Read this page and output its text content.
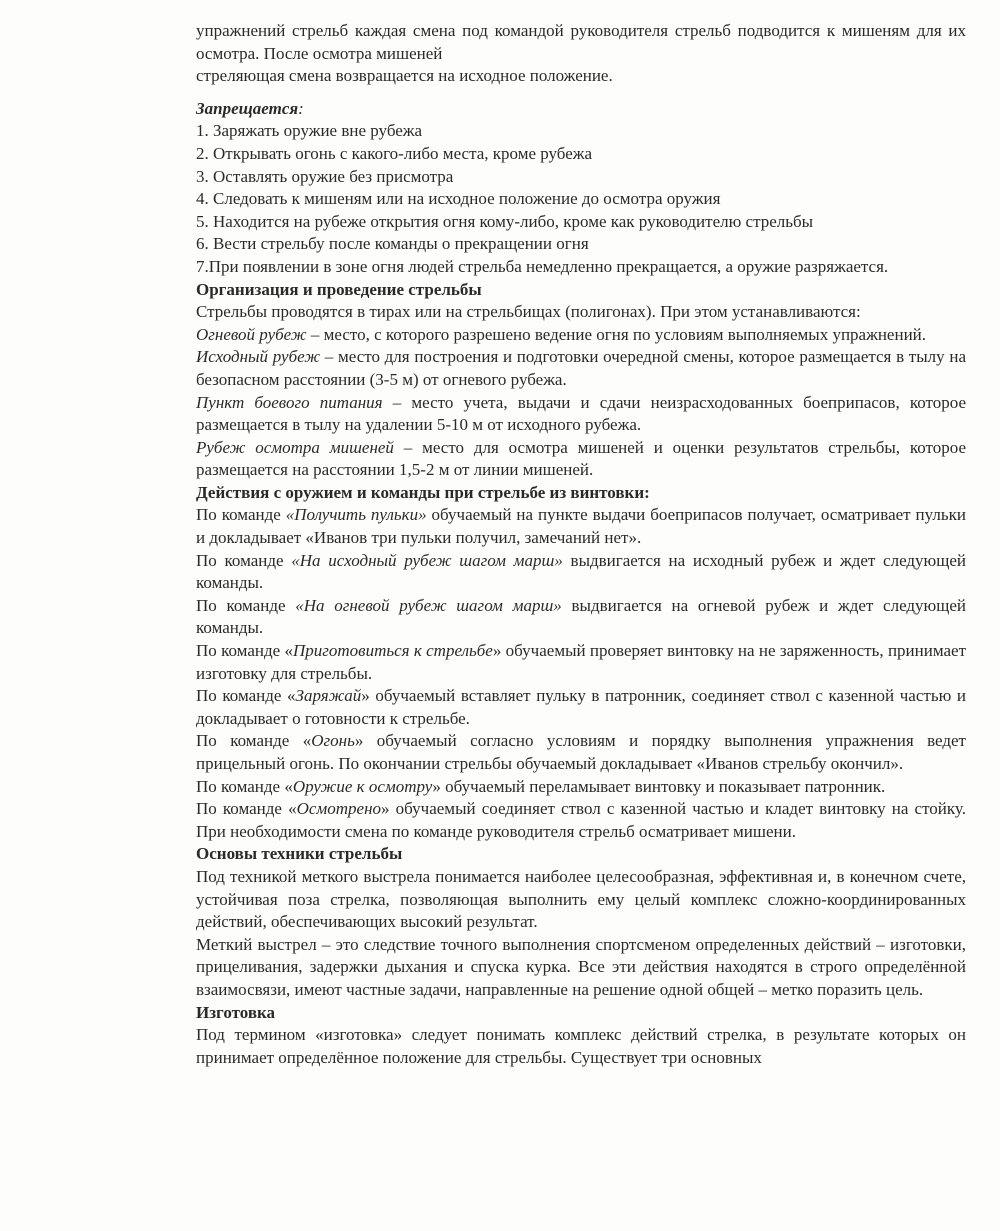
упражнений стрельб каждая смена под командой руководителя стрельб подводится к мишеням для их осмотра. После осмотра мишеней
стреляющая смена возвращается на исходное положение.

Запрещается:

1. Заряжать оружие вне рубежа

2. Открывать огонь с какого-либо места, кроме рубежа

3. Оставлять оружие без присмотра

4. Следовать к мишеням или на исходное положение до осмотра оружия

5. Находится на рубеже открытия огня кому-либо, кроме как руководителю стрельбы

6. Вести стрельбу после команды о прекращении огня

7.При появлении в зоне огня людей стрельба немедленно прекращается, а оружие разряжается.

Организация и проведение стрельбы

Стрельбы проводятся в тирах или на стрельбищах (полигонах). При этом устанавливаются:

Огневой рубеж – место, с которого разрешено ведение огня по условиям выполняемых упражнений.

Исходный рубеж – место для построения и подготовки очередной смены, которое размещается в тылу на безопасном расстоянии (3-5 м) от огневого рубежа.

Пункт боевого питания – место учета, выдачи и сдачи неизрасходованных боеприпасов, которое размещается в тылу на удалении 5-10 м от исходного рубежа.

Рубеж осмотра мишеней – место для осмотра мишеней и оценки результатов стрельбы, которое размещается на расстоянии 1,5-2 м от линии мишеней.

Действия с оружием и команды при стрельбе из винтовки:

По команде «Получить пульки» обучаемый на пункте выдачи боеприпасов получает, осматривает пульки и докладывает «Иванов три пульки получил, замечаний нет».

По команде «На исходный рубеж шагом марш» выдвигается на исходный рубеж и ждет следующей команды.

По команде «На огневой рубеж шагом марш» выдвигается на огневой рубеж и ждет следующей команды.

По команде «Приготовиться к стрельбе» обучаемый проверяет винтовку на не заряженность, принимает изготовку для стрельбы.

По команде «Заряжай» обучаемый вставляет пульку в патронник, соединяет ствол с казенной частью и докладывает о готовности к стрельбе.

По команде «Огонь» обучаемый согласно условиям и порядку выполнения упражнения ведет прицельный огонь. По окончании стрельбы обучаемый докладывает «Иванов стрельбу окончил».

По команде «Оружие к осмотру» обучаемый переламывает винтовку и показывает патронник.

По команде «Осмотрено» обучаемый соединяет ствол с казенной частью и кладет винтовку на стойку. При необходимости смена по команде руководителя стрельб осматривает мишени.

Основы техники стрельбы

Под техникой меткого выстрела понимается наиболее целесообразная, эффективная и, в конечном счете, устойчивая поза стрелка, позволяющая выполнить ему целый комплекс сложно-координированных действий, обеспечивающих высокий результат.

Меткий выстрел – это следствие точного выполнения спортсменом определенных действий – изготовки, прицеливания, задержки дыхания и спуска курка. Все эти действия находятся в строго определённой взаимосвязи, имеют частные задачи, направленные на решение одной общей – метко поразить цель.

Изготовка

Под термином «изготовка» следует понимать комплекс действий стрелка, в результате которых он принимает определённое положение для стрельбы. Существует три основных
